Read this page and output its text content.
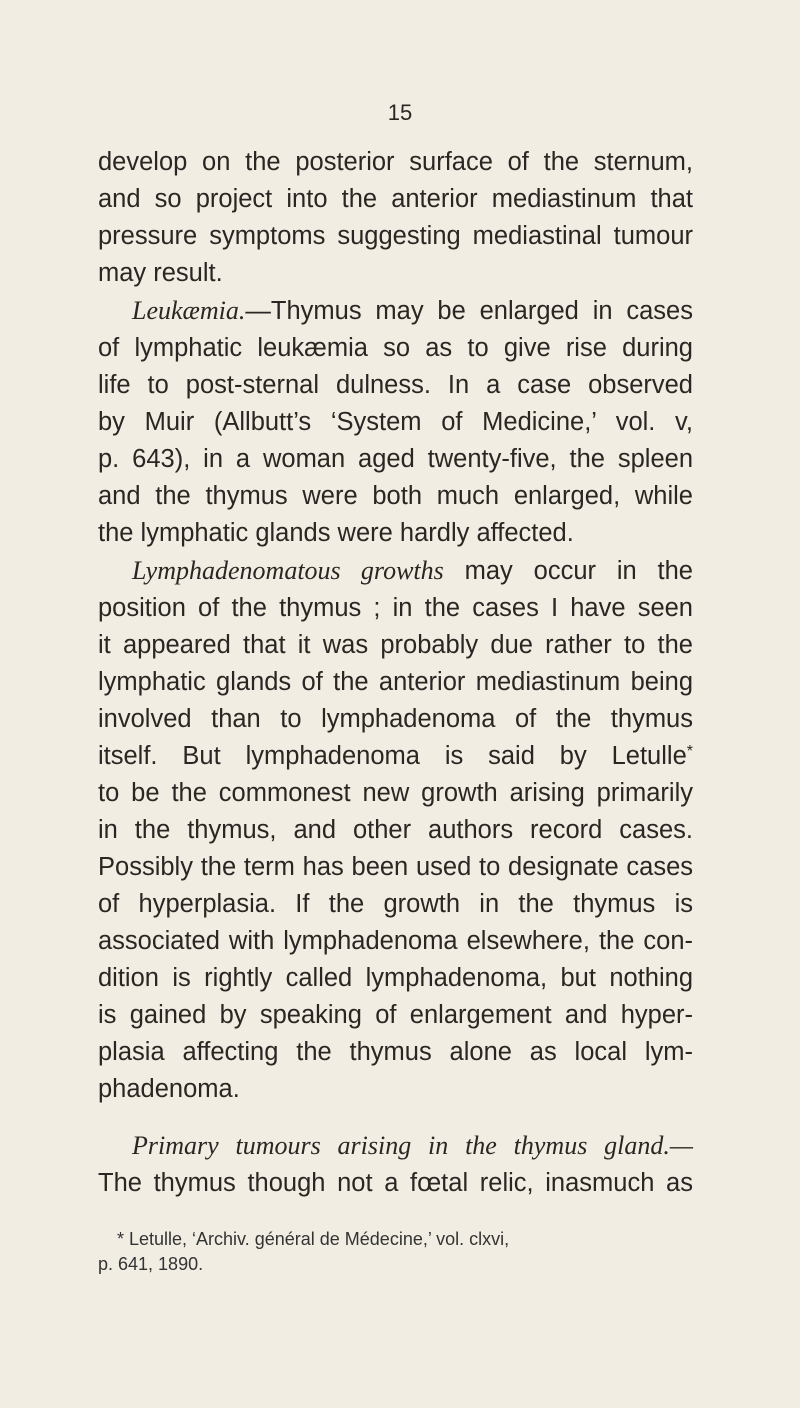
15
develop on the posterior surface of the sternum,
and so project into the anterior mediastinum that
pressure symptoms suggesting mediastinal tumour
may result.
Leukæmia.—Thymus may be enlarged in cases
of lymphatic leukæmia so as to give rise during
life to post-sternal dulness. In a case observed
by Muir (Allbutt’s ‘System of Medicine,’ vol. v,
p. 643), in a woman aged twenty-five, the spleen
and the thymus were both much enlarged, while
the lymphatic glands were hardly affected.
Lymphadenomatous growths may occur in the
position of the thymus ; in the cases I have seen
it appeared that it was probably due rather to the
lymphatic glands of the anterior mediastinum being
involved than to lymphadenoma of the thymus
itself. But lymphadenoma is said by Letulle*
to be the commonest new growth arising primarily
in the thymus, and other authors record cases.
Possibly the term has been used to designate cases
of hyperplasia. If the growth in the thymus is
associated with lymphadenoma elsewhere, the con-
dition is rightly called lymphadenoma, but nothing
is gained by speaking of enlargement and hyper-
plasia affecting the thymus alone as local lym-
phadenoma.
Primary tumours arising in the thymus gland.—
The thymus though not a fœtal relic, inasmuch as
* Letulle, ‘Archiv. général de Médecine,’ vol. clxvi,
p. 641, 1890.
